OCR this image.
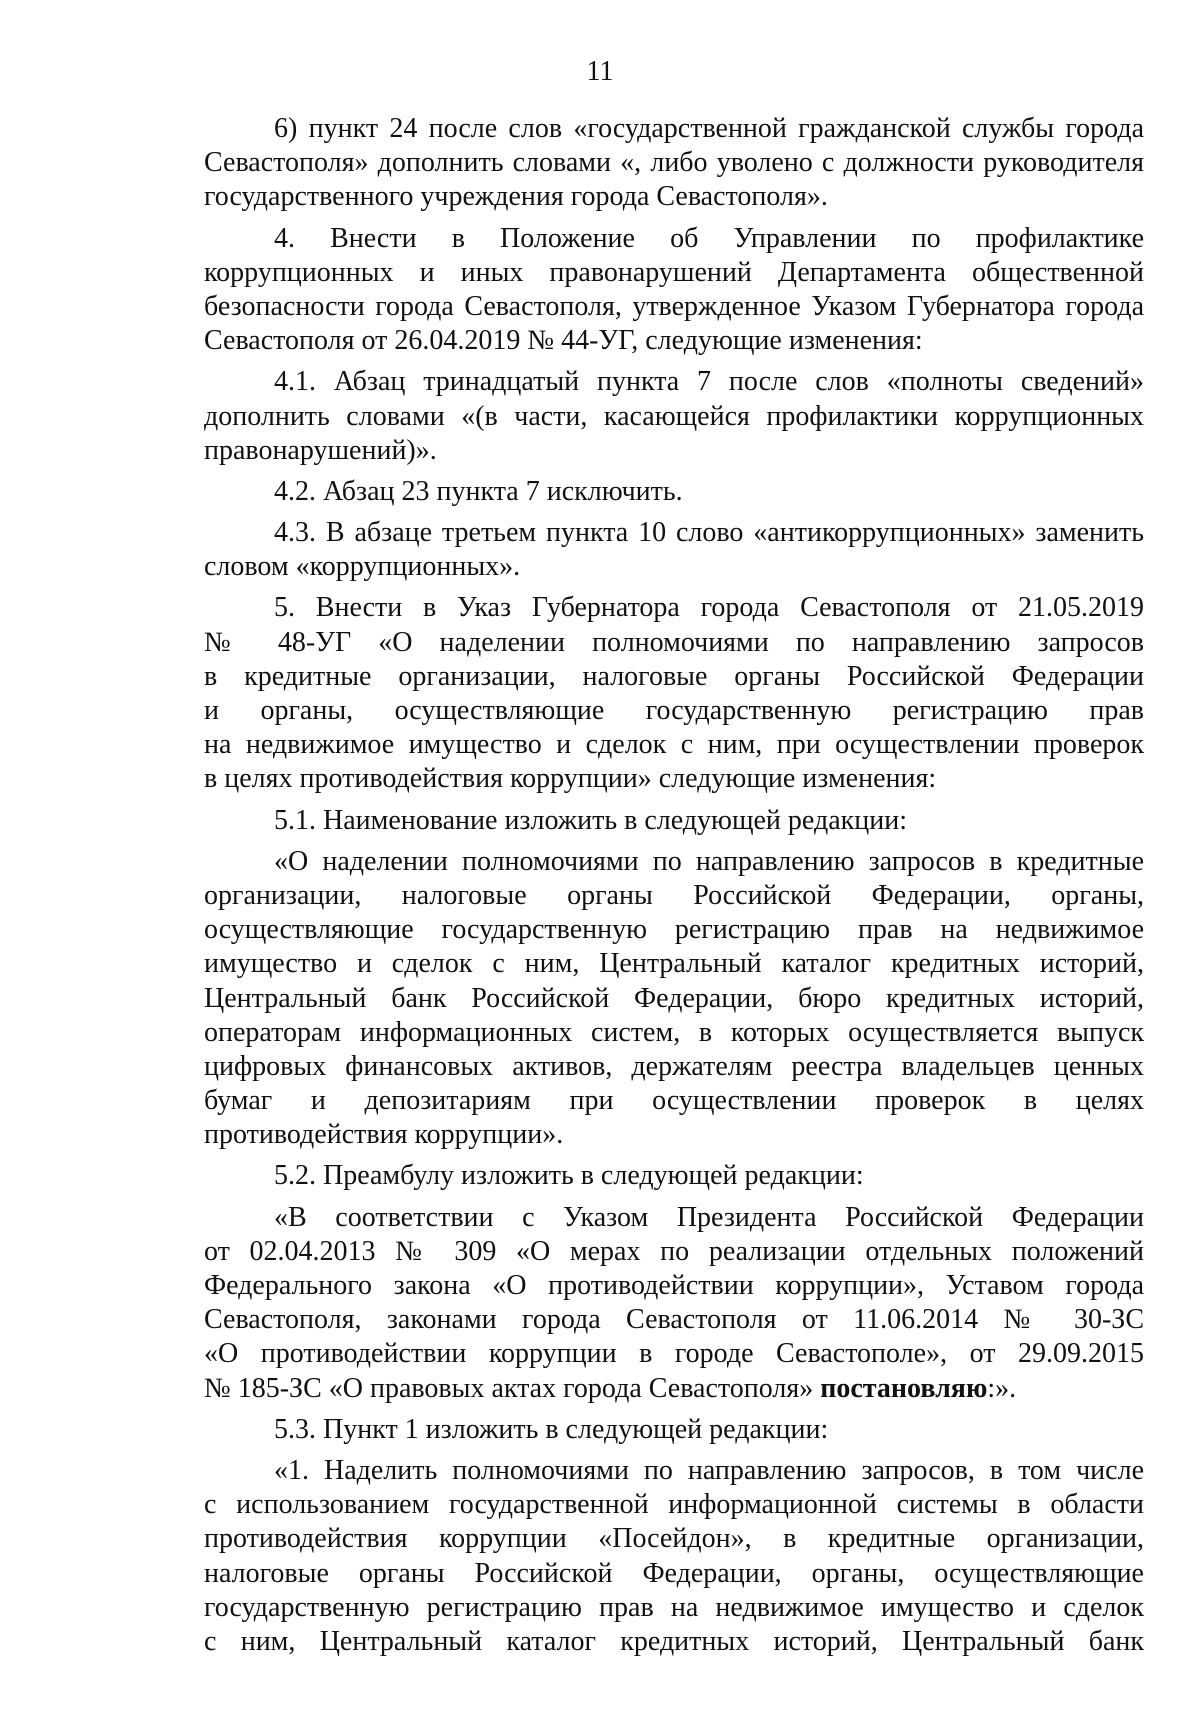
11
6) пункт 24 после слов «государственной гражданской службы города
Севастополя» дополнить словами «, либо уволено с должности руководителя
государственного учреждения города Севастополя».
4. Внести в Положение об Управлении по профилактике
коррупционных и иных правонарушений Департамента общественной
безопасности города Севастополя, утвержденное Указом Губернатора города
Севастополя от 26.04.2019 № 44-УГ, следующие изменения:
4.1. Абзац тринадцатый пункта 7 после слов «полноты сведений»
дополнить словами «(в части, касающейся профилактики коррупционных
правонарушений)».
4.2. Абзац 23 пункта 7 исключить.
4.3. В абзаце третьем пункта 10 слово «антикоррупционных» заменить
словом «коррупционных».
5. Внести в Указ Губернатора города Севастополя от 21.05.2019
№ 48-УГ «О наделении полномочиями по направлению запросов
в кредитные организации, налоговые органы Российской Федерации
и органы, осуществляющие государственную регистрацию прав
на недвижимое имущество и сделок с ним, при осуществлении проверок
в целях противодействия коррупции» следующие изменения:
5.1. Наименование изложить в следующей редакции:
«О наделении полномочиями по направлению запросов в кредитные
организации, налоговые органы Российской Федерации, органы,
осуществляющие государственную регистрацию прав на недвижимое
имущество и сделок с ним, Центральный каталог кредитных историй,
Центральный банк Российской Федерации, бюро кредитных историй,
операторам информационных систем, в которых осуществляется выпуск
цифровых финансовых активов, держателям реестра владельцев ценных
бумаг и депозитариям при осуществлении проверок в целях
противодействия коррупции».
5.2. Преамбулу изложить в следующей редакции:
«В соответствии с Указом Президента Российской Федерации
от 02.04.2013 № 309 «О мерах по реализации отдельных положений
Федерального закона «О противодействии коррупции», Уставом города
Севастополя, законами города Севастополя от 11.06.2014 № 30-ЗС
«О противодействии коррупции в городе Севастополе», от 29.09.2015
№ 185-ЗС «О правовых актах города Севастополя» постановляю:».
5.3. Пункт 1 изложить в следующей редакции:
«1. Наделить полномочиями по направлению запросов, в том числе
с использованием государственной информационной системы в области
противодействия коррупции «Посейдон», в кредитные организации,
налоговые органы Российской Федерации, органы, осуществляющие
государственную регистрацию прав на недвижимое имущество и сделок
с ним, Центральный каталог кредитных историй, Центральный банк
